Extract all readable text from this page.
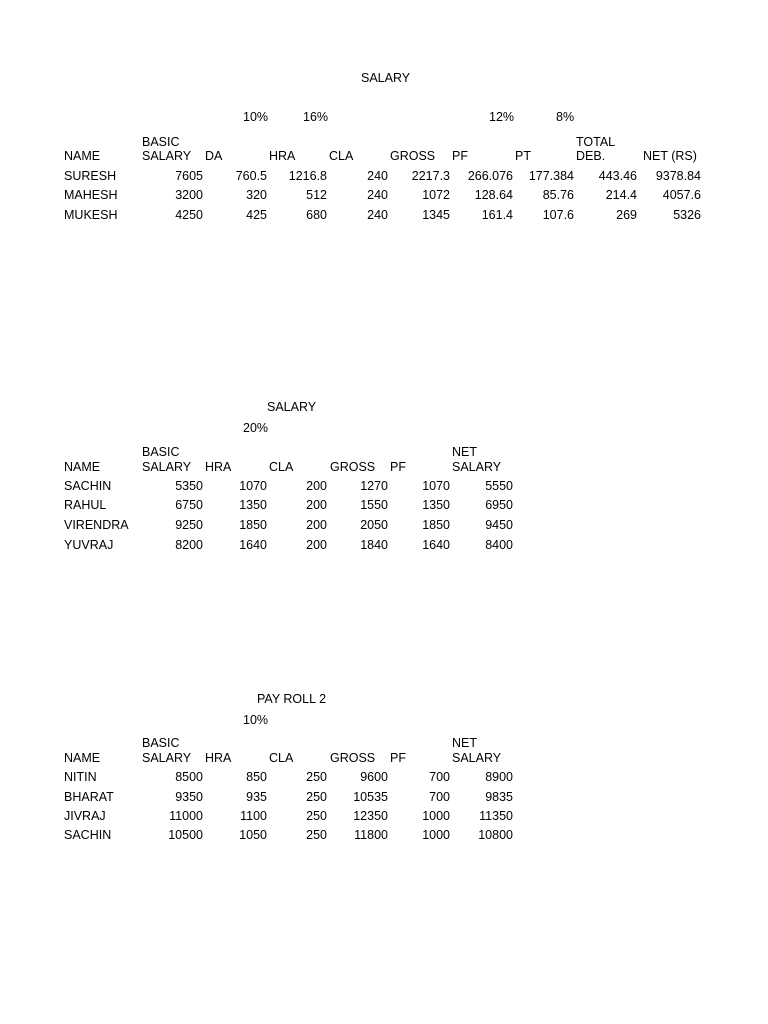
SALARY
10%	16%	12%	8%
BASIC	TOTAL
NAME	SALARY DA	HRA	CLA	GROSS PF	PT	DEB.	NET (RS)
SURESH	7605	760.5 1216.8	240 2217.3 266.076 177.384 443.46 9378.84
MAHESH	3200	320	512	240	1072 128.64 85.76	214.4 4057.6
MUKESH	4250	425	680	240	1345	161.4 107.6	269	5326
SALARY
20%
BASIC	NET
NAME	SALARY HRA	CLA	GROSS PF	SALARY
SACHIN	5350	1070	200	1270	1070	5550
RAHUL	6750	1350	200	1550	1350	6950
VIRENDRA	9250	1850	200	2050	1850	9450
YUVRAJ	8200	1640	200	1840	1640	8400
PAY ROLL 2
10%
BASIC	NET
NAME	SALARY HRA	CLA	GROSS PF	SALARY
NITIN	8500	850	250	9600	700	8900
BHARAT	9350	935	250 10535	700	9835
JIVRAJ	11000	1100	250 12350	1000 11350
SACHIN	10500	1050	250 11800	1000 10800
